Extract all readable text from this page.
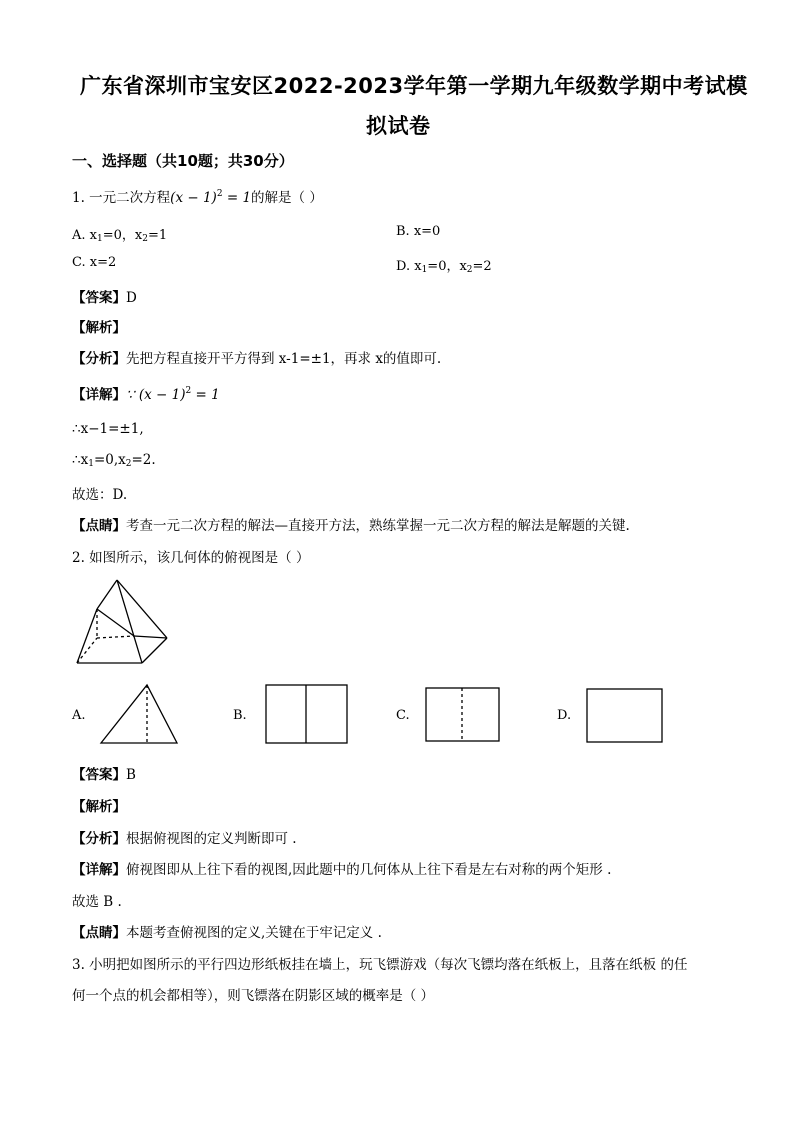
广东省深圳市宝安区2022-2023学年第一学期九年级数学期中考试模
拟试卷
一、选择题（共10题；共30分）
1. 一元二次方程$(x - 1)^2 = 1$的解是（ ）
A. $x_1=0$，$x_2=1$	B. x=0
C. x=2	D. $x_1=0$，$x_2=2$
【答案】D
【解析】
【分析】先把方程直接开平方得到 x-1=±1，再求 x的值即可.
【详解】∵ $(x - 1)^2 = 1$
∴x−1=±1,
$\therefore x_1=0,x_2=2$.
故选：D.
【点睛】考查一元二次方程的解法—直接开方法，熟练掌握一元二次方程的解法是解题的关键.
2. 如图所示，该几何体的俯视图是（ ）
A.	B.	C.	D.
【答案】B
【解析】
【分析】根据俯视图的定义判断即可 .
【详解】俯视图即从上往下看的视图,因此题中的几何体从上往下看是左右对称的两个矩形 .
故选 B .
【点睛】本题考查俯视图的定义,关键在于牢记定义 .
3. 小明把如图所示的平行四边形纸板挂在墙上，玩飞镖游戏（每次飞镖均落在纸板上，且落在纸板 的任
何一个点的机会都相等），则飞镖落在阴影区域的概率是（ ）
